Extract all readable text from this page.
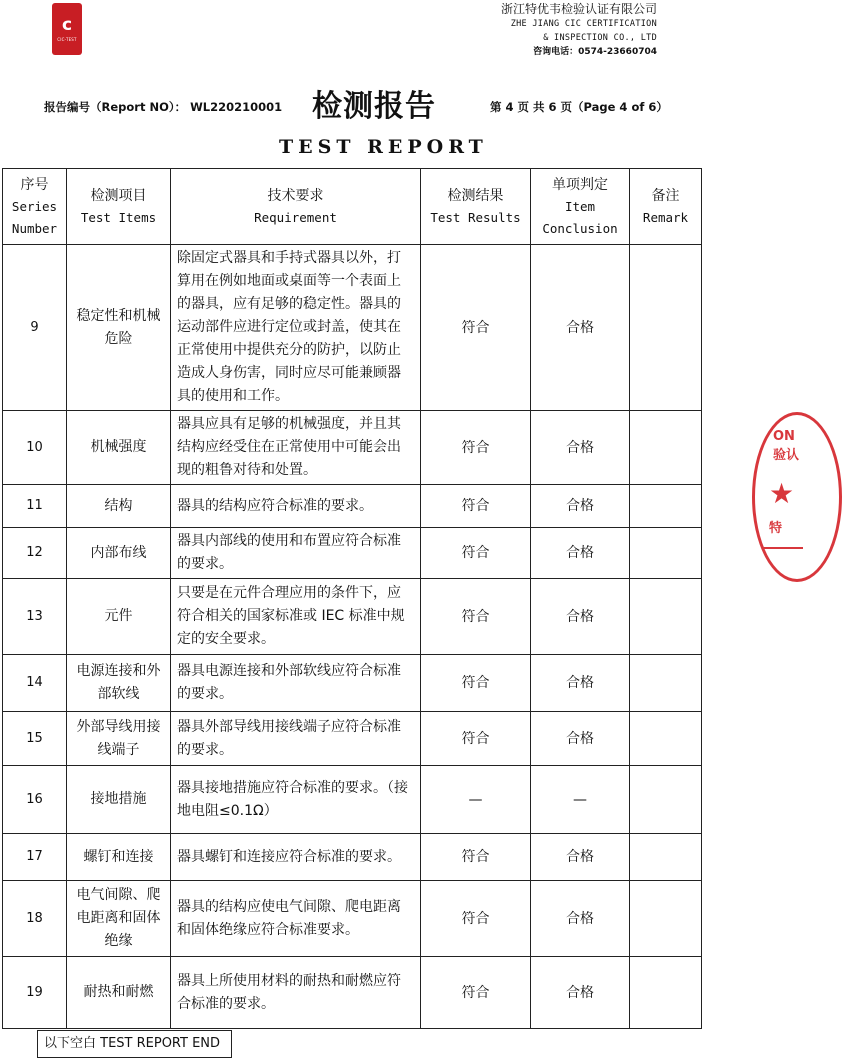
c
CIC-TEST
浙江特优韦检验认证有限公司
ZHE JIANG CIC CERTIFICATION
& INSPECTION CO., LTD
咨询电话：0574-23660704
报告编号（Report NO）： WL220210001 检测报告	第 4 页 共 6 页（Page 4 of 6）
TEST REPORT
序号
Series
Number	检测项目
Test Items	技术要求
Requirement	检测结果
Test Results	单项判定
Item
Conclusion	备注
Remark

9	稳定性和机械危险	除固定式器具和手持式器具以外，打算用在例如地面或桌面等一个表面上的器具，应有足够的稳定性。器具的运动部件应进行定位或封盖，使其在正常使用中提供充分的防护，以防止造成人身伤害，同时应尽可能兼顾器具的使用和工作。	符合	合格	
10	机械强度	器具应具有足够的机械强度，并且其结构应经受住在正常使用中可能会出现的粗鲁对待和处置。	符合	合格	
11	结构	器具的结构应符合标准的要求。	符合	合格	
12	内部布线	器具内部线的使用和布置应符合标准的要求。	符合	合格	
13	元件	只要是在元件合理应用的条件下，应符合相关的国家标准或 IEC 标准中规定的安全要求。	符合	合格	
14	电源连接和外部软线	器具电源连接和外部软线应符合标准的要求。	符合	合格	
15	外部导线用接线端子	器具外部导线用接线端子应符合标准的要求。	符合	合格	
16	接地措施	器具接地措施应符合标准的要求。（接地电阻≤0.1Ω）	—	—	
17	螺钉和连接	器具螺钉和连接应符合标准的要求。	符合	合格	
18	电气间隙、爬电距离和固体绝缘	器具的结构应使电气间隙、爬电距离和固体绝缘应符合标准要求。	符合	合格	
19	耐热和耐燃	器具上所使用材料的耐热和耐燃应符合标准的要求。	符合	合格	
以下空白 TEST REPORT END
ON
验认
★
特
